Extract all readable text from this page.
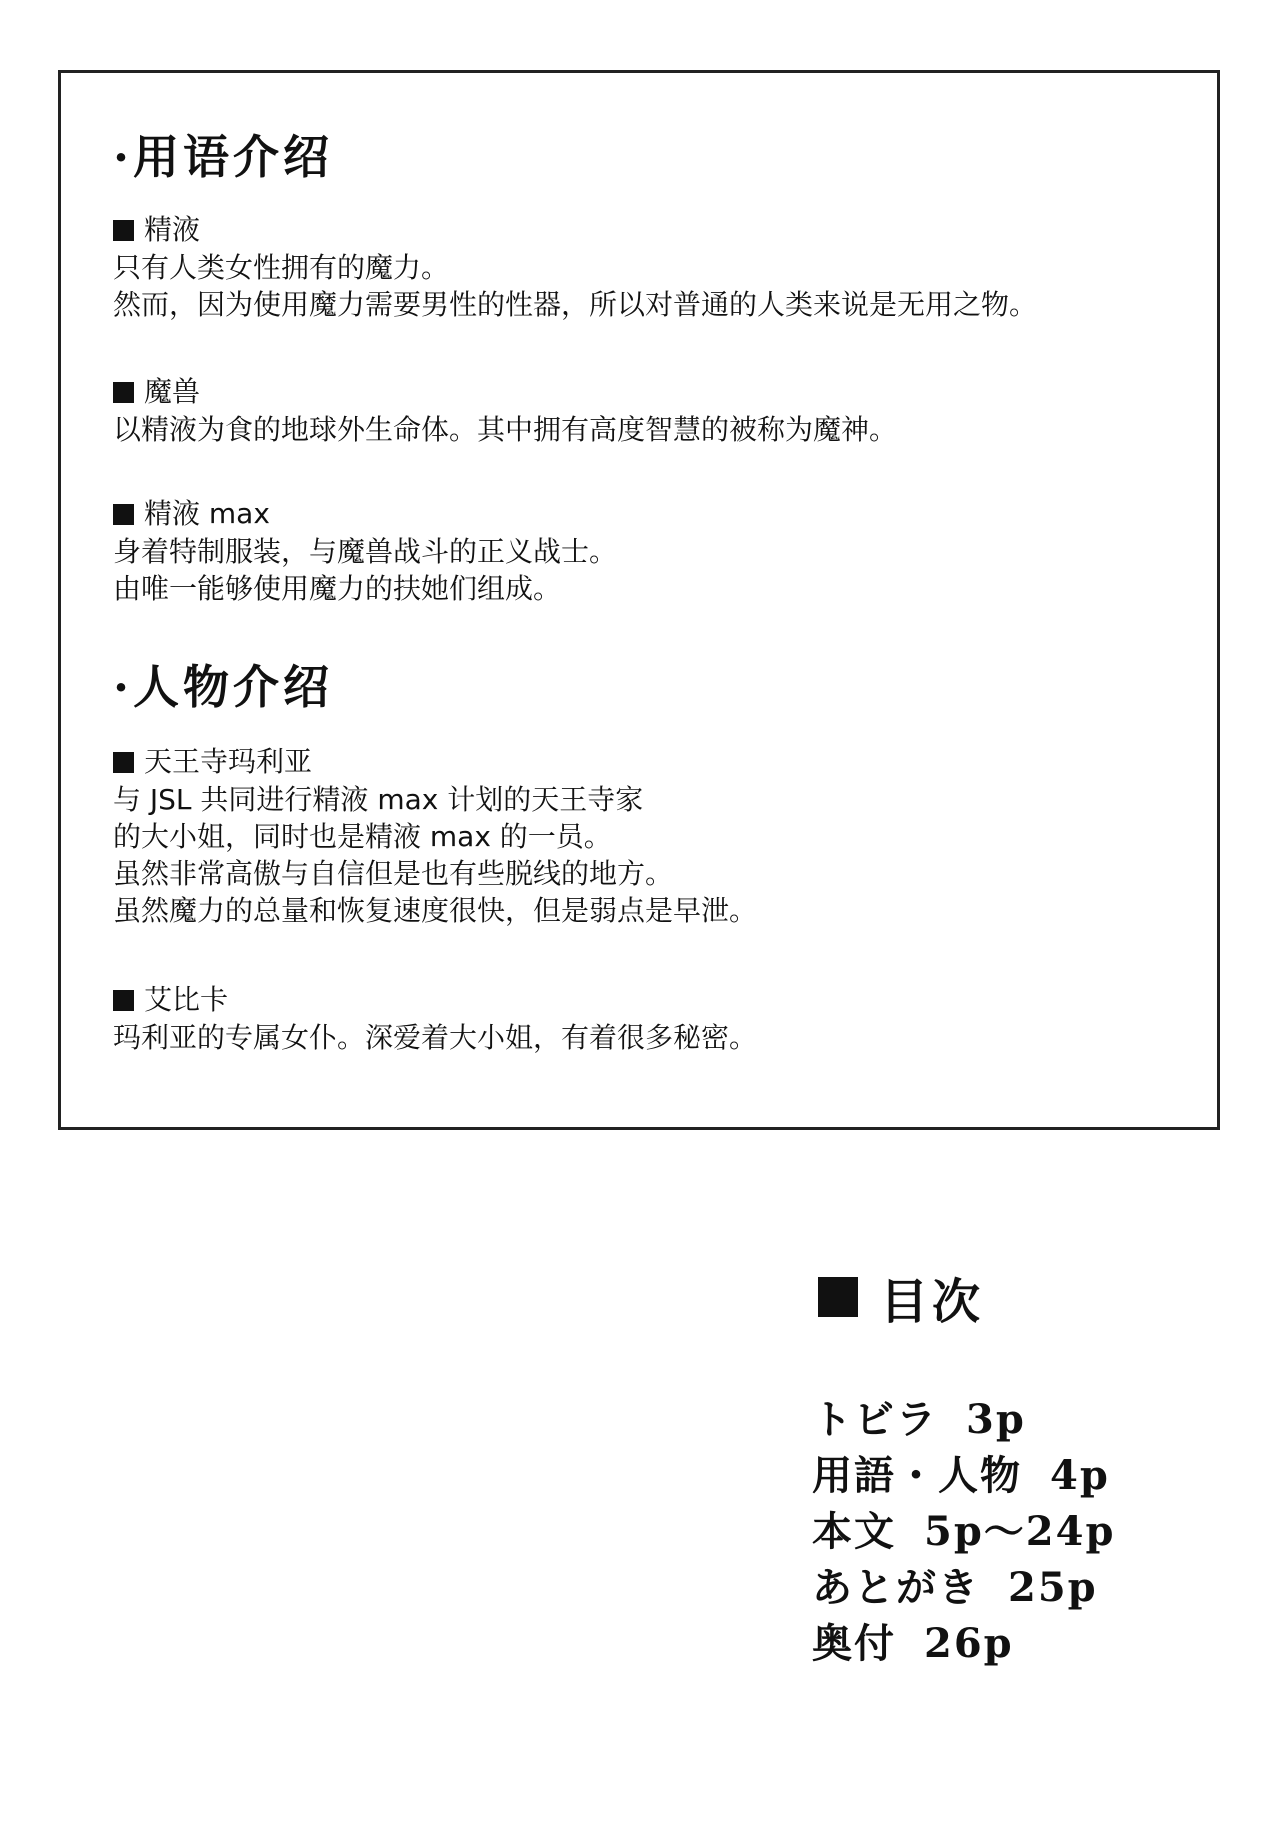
·用语介绍
精液
只有人类女性拥有的魔力。
然而，因为使用魔力需要男性的性器，所以对普通的人类来说是无用之物。
魔兽
以精液为食的地球外生命体。其中拥有高度智慧的被称为魔神。
精液 max
身着特制服装，与魔兽战斗的正义战士。
由唯一能够使用魔力的扶她们组成。
·人物介绍
天王寺玛利亚
与 JSL 共同进行精液 max 计划的天王寺家
的大小姐，同时也是精液 max 的一员。
虽然非常高傲与自信但是也有些脱线的地方。
虽然魔力的总量和恢复速度很快，但是弱点是早泄。
艾比卡
玛利亚的专属女仆。深爱着大小姐，有着很多秘密。
目次
トビラ 3p
用語・人物 4p
本文 5p～24p
あとがき 25p
奥付 26p
